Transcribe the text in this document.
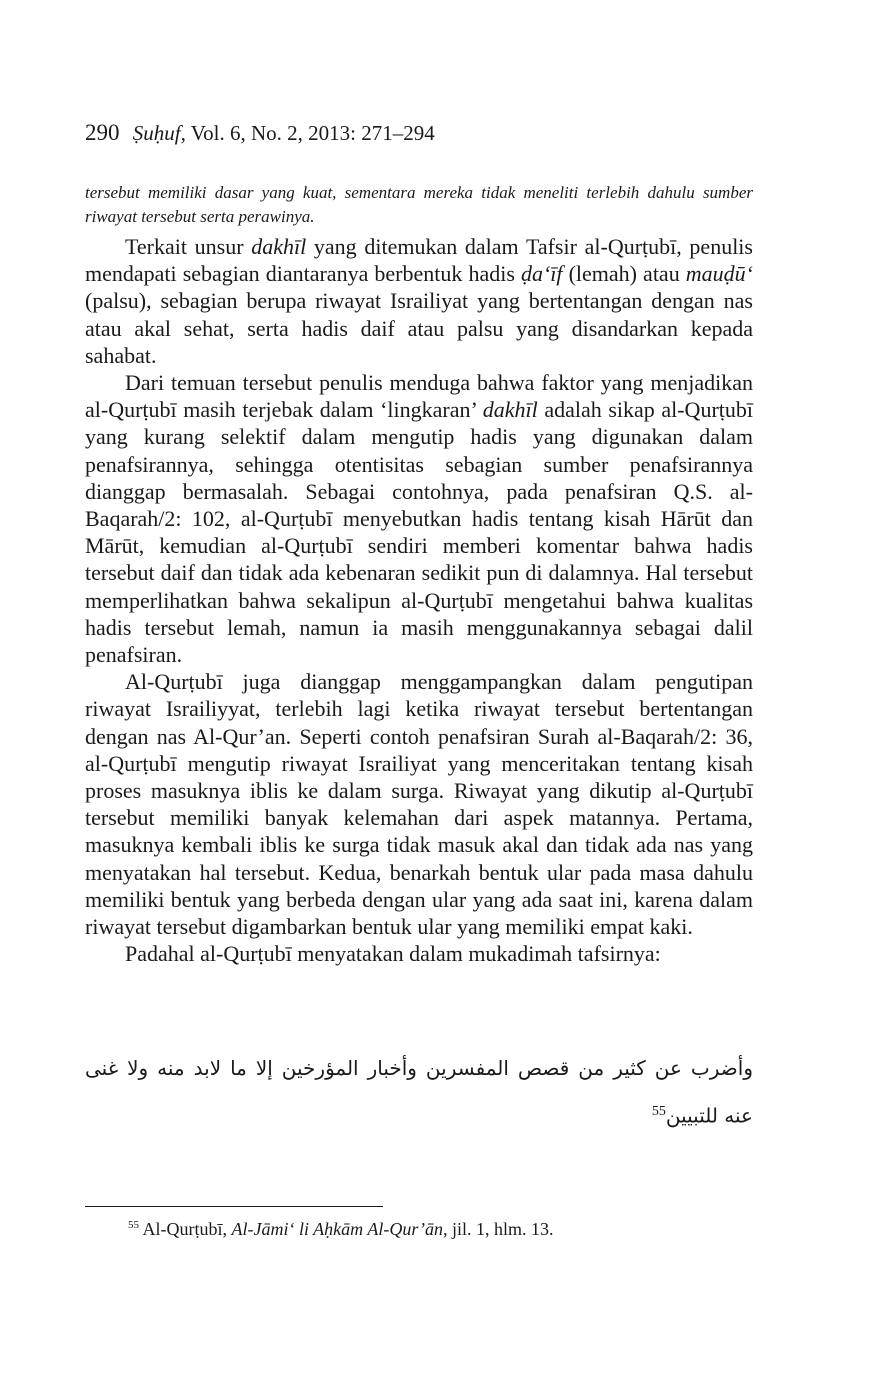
290 Ṣuḥuf, Vol. 6, No. 2, 2013: 271–294

tersebut memiliki dasar yang kuat, sementara mereka tidak meneliti terlebih dahulu sumber riwayat tersebut serta perawinya.

Terkait unsur dakhīl yang ditemukan dalam Tafsir al-Qurṭubī, penulis mendapati sebagian diantaranya berbentuk hadis ḍa‘īf (lemah) atau mauḍū‘ (palsu), sebagian berupa riwayat Israiliyat yang bertentangan dengan nas atau akal sehat, serta hadis daif atau palsu yang disandarkan kepada sahabat.

Dari temuan tersebut penulis menduga bahwa faktor yang menjadikan al-Qurṭubī masih terjebak dalam ‘lingkaran’ dakhīl adalah sikap al-Qurṭubī yang kurang selektif dalam mengutip hadis yang digunakan dalam penafsirannya, sehingga otentisitas sebagian sumber penafsirannya dianggap bermasalah. Sebagai contohnya, pada penafsiran Q.S. al-Baqarah/2: 102, al-Qurṭubī menyebutkan hadis tentang kisah Hārūt dan Mārūt, kemudian al-Qurṭubī sendiri memberi komentar bahwa hadis tersebut daif dan tidak ada kebenaran sedikit pun di dalamnya. Hal tersebut memperlihatkan bahwa sekalipun al-Qurṭubī mengetahui bahwa kualitas hadis tersebut lemah, namun ia masih menggunakannya sebagai dalil penafsiran.

Al-Qurṭubī juga dianggap menggampangkan dalam pengutipan riwayat Israiliyyat, terlebih lagi ketika riwayat tersebut bertentangan dengan nas Al-Qur’an. Seperti contoh penafsiran Surah al-Baqarah/2: 36, al-Qurṭubī mengutip riwayat Israiliyat yang menceritakan tentang kisah proses masuknya iblis ke dalam surga. Riwayat yang dikutip al-Qurṭubī tersebut memiliki banyak kelemahan dari aspek matannya. Pertama, masuknya kembali iblis ke surga tidak masuk akal dan tidak ada nas yang menyatakan hal tersebut. Kedua, benarkah bentuk ular pada masa dahulu memiliki bentuk yang berbeda dengan ular yang ada saat ini, karena dalam riwayat tersebut digambarkan bentuk ular yang memiliki empat kaki.

Padahal al-Qurṭubī menyatakan dalam mukadimah tafsirnya:

وأضرب عن كثير من قصص المفسرين وأخبار المؤرخين إلا ما لابد منه ولا غنى عنه للتبيين$^{55}$
$^{55}$ Al-Qurṭubī, Al-Jāmi‘ li Aḥkām Al-Qur’ān, jil. 1, hlm. 13.
